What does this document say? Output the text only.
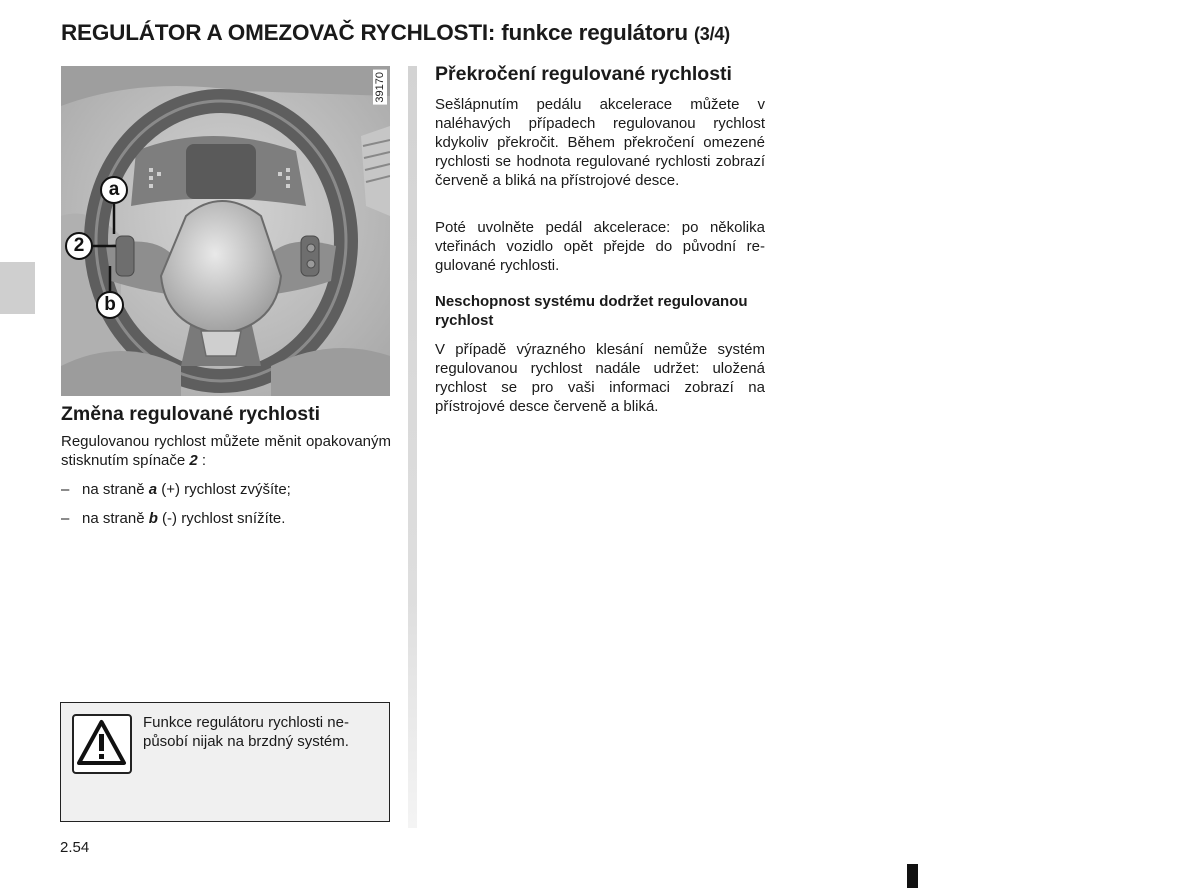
REGULÁTOR A OMEZOVAČ RYCHLOSTI: funkce regulátoru (3/4)
39170
a
2
b
Změna regulované rychlosti
Regulovanou rychlost můžete měnit opakovaným stisknutím spínače 2 :
– na straně a (+) rychlost zvýšíte;
– na straně b (-) rychlost snížíte.
Funkce regulátoru rychlosti nepůsobí nijak na brzdný systém.
Překročení regulované rychlosti
Sešlápnutím pedálu akcelerace můžete v naléhavých případech regulovanou rychlost kdykoliv překročit. Během překročení omezené rychlosti se hodnota regulované rychlosti zobrazí červeně a bliká na přístrojové desce.
Poté uvolněte pedál akcelerace: po několika vteřinách vozidlo opět přejde do původní regulované rychlosti.
Neschopnost systému dodržet regulovanou rychlost
V případě výrazného klesání nemůže systém regulovanou rychlost nadále udržet: uložená rychlost se pro vaši informaci zobrazí na přístrojové desce červeně a bliká.
2.54
